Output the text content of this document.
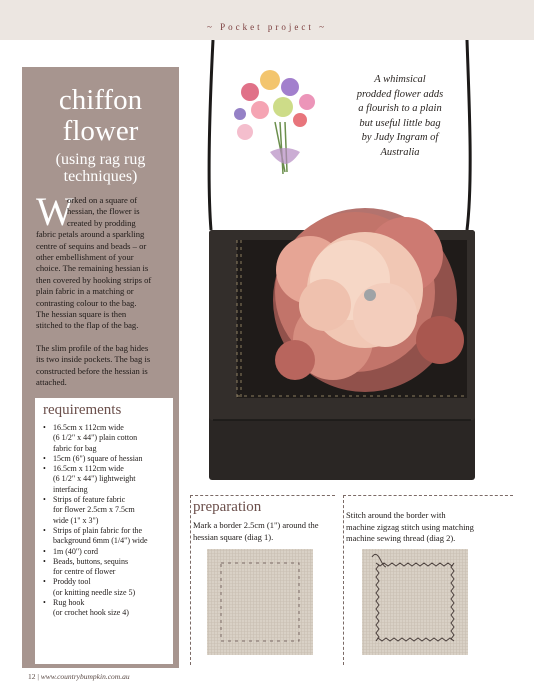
~ Pocket project ~
chiffon
flower
(using rag rug
techniques)
W
orked on a square of
hessian, the flower is
created by prodding
fabric petals around a sparkling
centre of sequins and beads – or
other embellishment of your
choice. The remaining hessian is
then covered by hooking strips of
plain fabric in a matching or
contrasting colour to the bag.
The hessian square is then
stitched to the flap of the bag.
The slim profile of the bag hides
its two inside pockets. The bag is
constructed before the hessian is
attached.
requirements
• 16.5cm x 112cm wide
(6 1/2" x 44") plain cotton
fabric for bag
• 15cm (6") square of hessian
• 16.5cm x 112cm wide
(6 1/2" x 44") lightweight
interfacing
• Strips of feature fabric
for flower 2.5cm x 7.5cm
wide (1" x 3")
• Strips of plain fabric for the
background 6mm (1/4") wide
• 1m (40") cord
• Beads, buttons, sequins
for centre of flower
• Proddy tool
(or knitting needle size 5)
• Rug hook
(or crochet hook size 4)
12 | www.countrybumpkin.com.au
A whimsical
prodded flower adds
a flourish to a plain
but useful little bag
by Judy Ingram of
Australia
preparation
Mark a border 2.5cm (1") around the
hessian square (diag 1).
Stitch around the border with
machine zigzag stitch using matching
machine sewing thread (diag 2).
